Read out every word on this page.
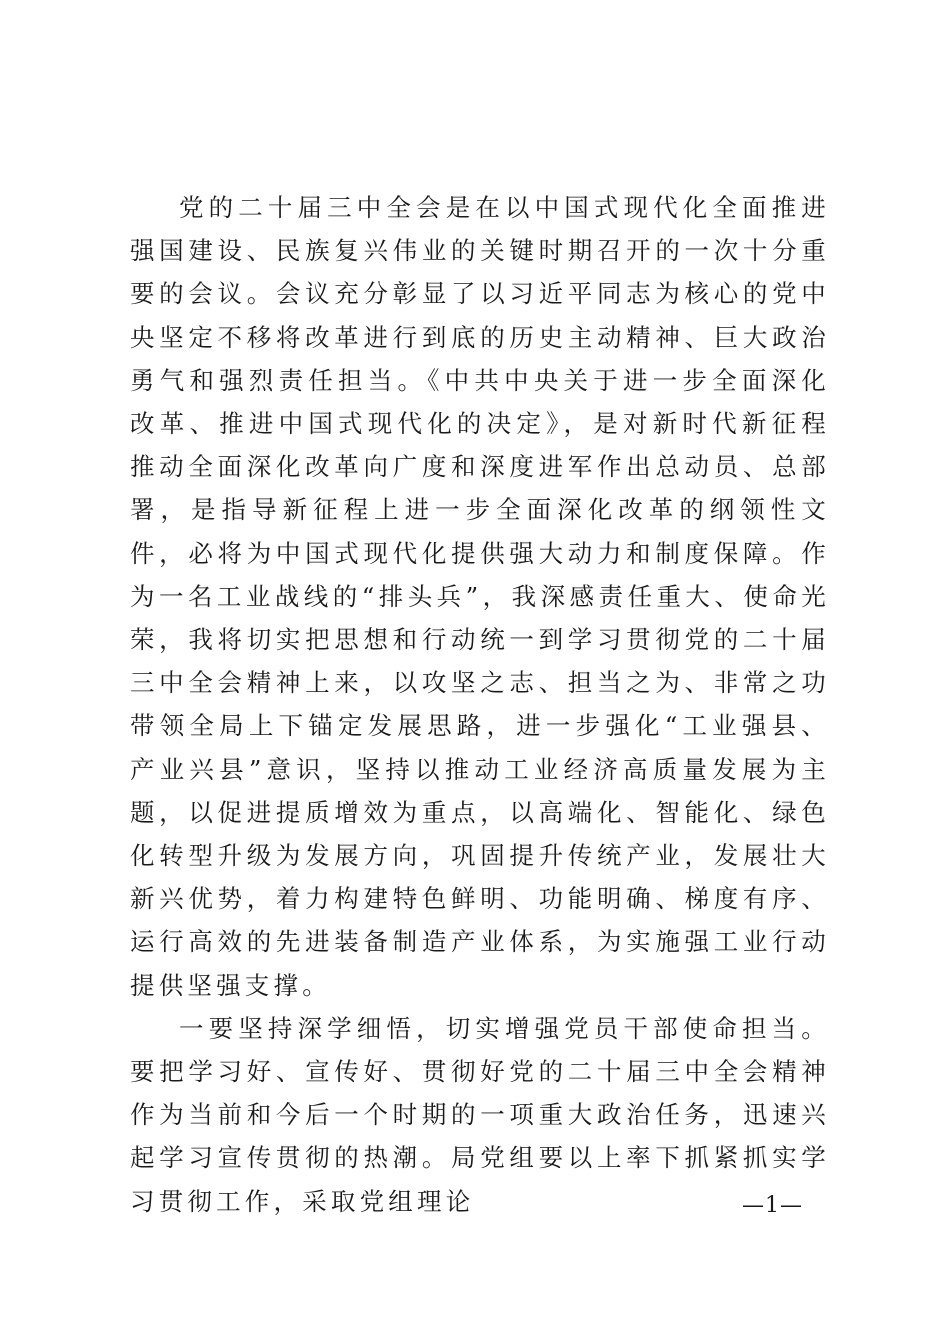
党的二十届三中全会是在以中国式现代化全面推进强国建设、民族复兴伟业的关键时期召开的一次十分重要的会议。会议充分彰显了以习近平同志为核心的党中央坚定不移将改革进行到底的历史主动精神、巨大政治勇气和强烈责任担当。《中共中央关于进一步全面深化改革、推进中国式现代化的决定》，是对新时代新征程推动全面深化改革向广度和深度进军作出总动员、总部署，是指导新征程上进一步全面深化改革的纲领性文件，必将为中国式现代化提供强大动力和制度保障。作为一名工业战线的“排头兵”，我深感责任重大、使命光荣，我将切实把思想和行动统一到学习贯彻党的二十届三中全会精神上来，以攻坚之志、担当之为、非常之功带领全局上下锚定发展思路，进一步强化“工业强县、产业兴县”意识，坚持以推动工业经济高质量发展为主题，以促进提质增效为重点，以高端化、智能化、绿色化转型升级为发展方向，巩固提升传统产业，发展壮大新兴优势，着力构建特色鲜明、功能明确、梯度有序、运行高效的先进装备制造产业体系，为实施强工业行动提供坚强支撑。

一要坚持深学细悟，切实增强党员干部使命担当。要把学习好、宣传好、贯彻好党的二十届三中全会精神作为当前和今后一个时期的一项重大政治任务，迅速兴起学习宣传贯彻的热潮。局党组要以上率下抓紧抓实学习贯彻工作，采取党组理论	—1—
